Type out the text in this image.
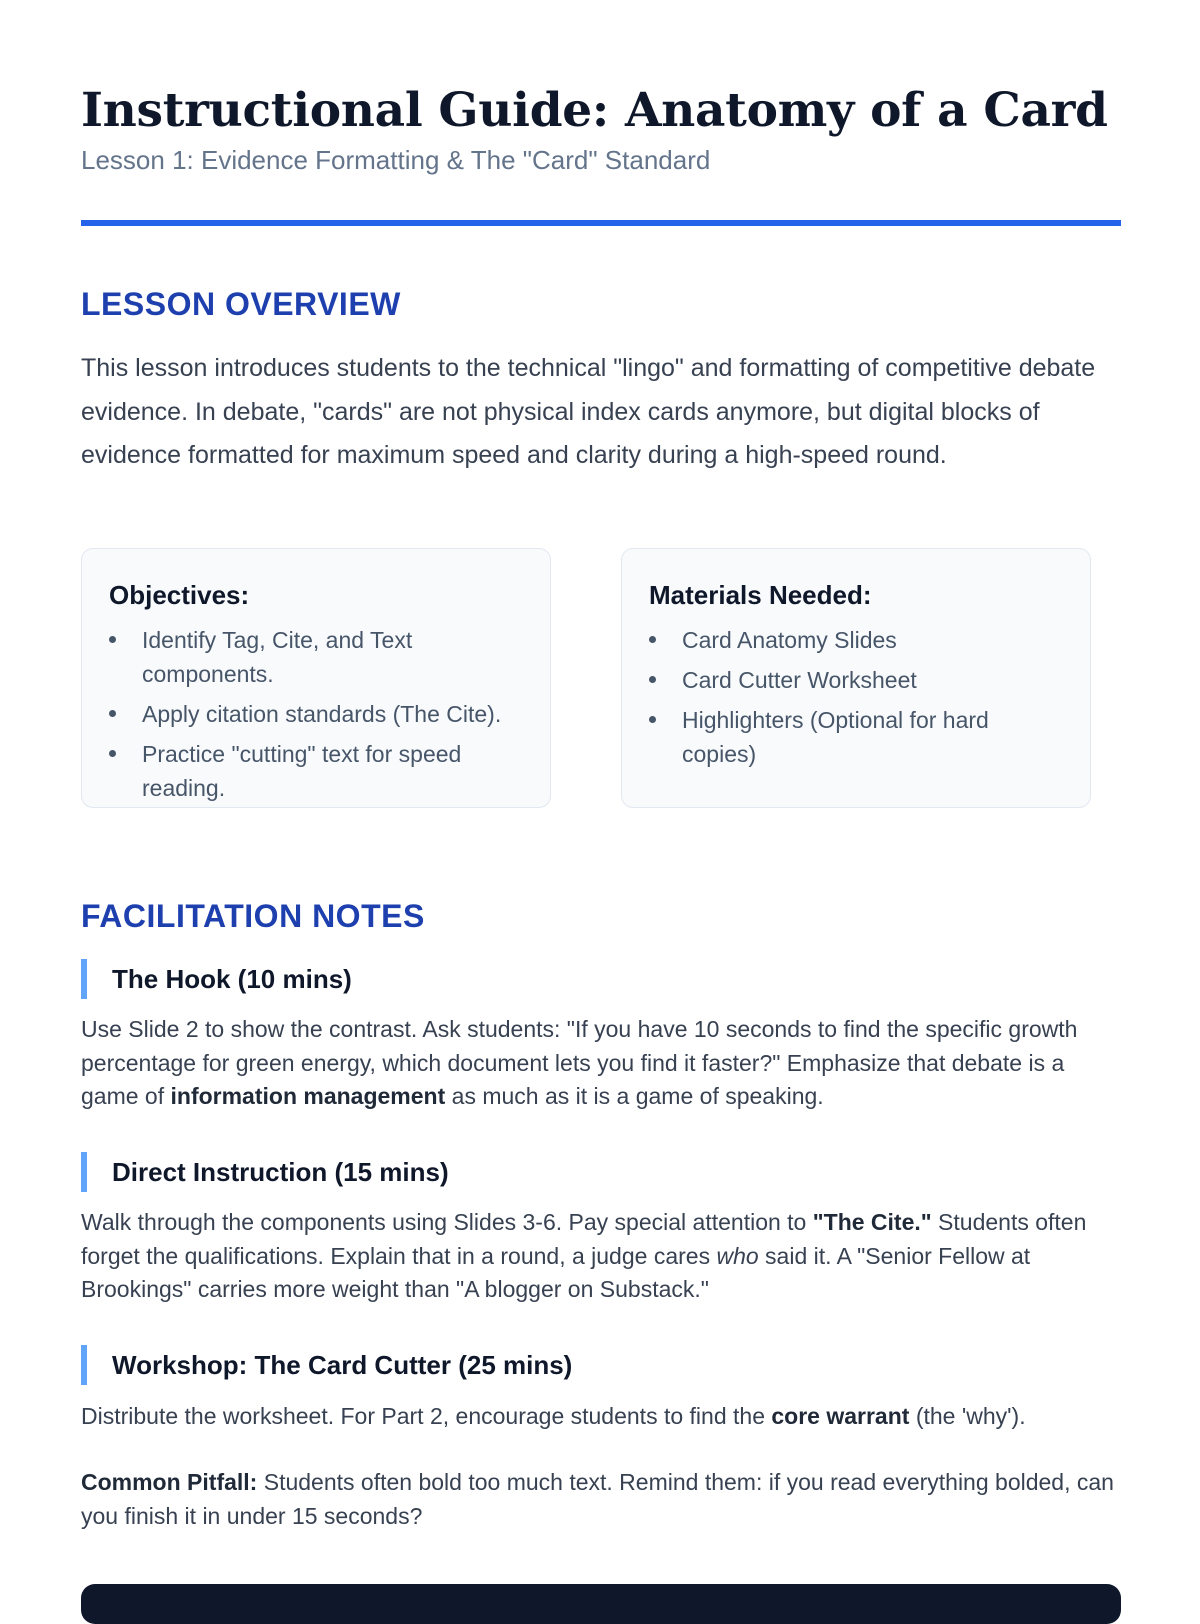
Instructional Guide: Anatomy of a Card
Lesson 1: Evidence Formatting & The "Card" Standard
LESSON OVERVIEW

This lesson introduces students to the technical "lingo" and formatting of competitive debate evidence. In debate, "cards" are not physical index cards anymore, but digital blocks of evidence formatted for maximum speed and clarity during a high-speed round.

Objectives:
Identify Tag, Cite, and Text components.
Apply citation standards (The Cite).
Practice "cutting" text for speed reading.
Materials Needed:
Card Anatomy Slides
Card Cutter Worksheet
Highlighters (Optional for hard copies)
FACILITATION NOTES
The Hook (10 mins)

Use Slide 2 to show the contrast. Ask students: "If you have 10 seconds to find the specific growth percentage for green energy, which document lets you find it faster?" Emphasize that debate is a game of information management as much as it is a game of speaking.

Direct Instruction (15 mins)

Walk through the components using Slides 3-6. Pay special attention to "The Cite." Students often forget the qualifications. Explain that in a round, a judge cares who said it. A "Senior Fellow at Brookings" carries more weight than "A blogger on Substack."

Workshop: The Card Cutter (25 mins)

Distribute the worksheet. For Part 2, encourage students to find the core warrant (the 'why').

Common Pitfall: Students often bold too much text. Remind them: if you read everything bolded, can you finish it in under 15 seconds?
